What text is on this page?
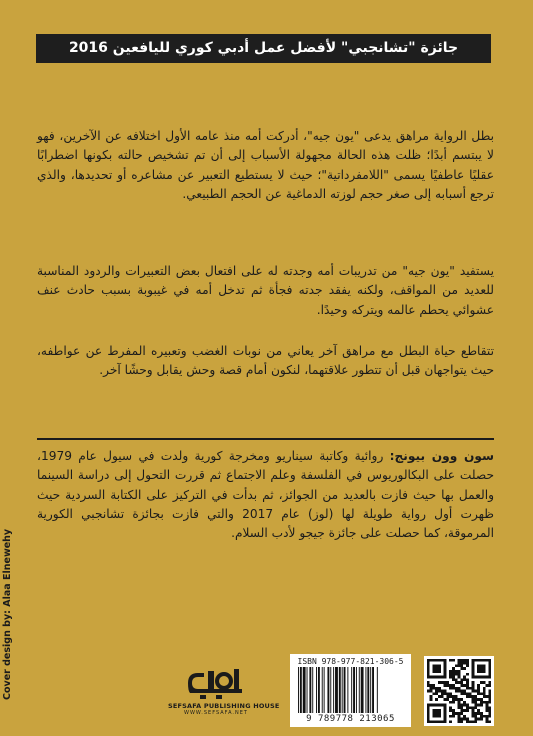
جائزة "تشانجبي" لأفضل عمل أدبي كوري لليافعين 2016
بطل الرواية مراهق يدعى "يون جيه"، أدركت أمه منذ عامه الأول اختلافه عن الآخرين، فهو لا يبتسم أبدًا؛ ظلت هذه الحالة مجهولة الأسباب إلى أن تم تشخيص حالته بكونها اضطرابًا عقليًا عاطفيًا يسمى "اللامفرداتية"؛ حيث لا يستطيع التعبير عن مشاعره أو تحديدها، والذي ترجع أسبابه إلى صغر حجم لوزته الدماغية عن الحجم الطبيعي.
يستفيد "يون جيه" من تدريبات أمه وجدته له على افتعال بعض التعبيرات والردود المناسبة للعديد من المواقف، ولكنه يفقد جدته فجأة ثم تدخل أمه في غيبوبة بسبب حادث عنف عشوائي يحطم عالمه ويتركه وحيدًا.
تتقاطع حياة البطل مع مراهق آخر يعاني من نوبات الغضب وتعبيره المفرط عن عواطفه، حيث يتواجهان قبل أن تتطور علاقتهما، لنكون أمام قصة وحش يقابل وحشًا آخر.
سون وون بيونج: روائية وكاتبة سيناريو ومخرجة كورية ولدت في سيول عام 1979، حصلت على البكالوريوس في الفلسفة وعلم الاجتماع ثم قررت التحول إلى دراسة السينما والعمل بها حيث فازت بالعديد من الجوائز، ثم بدأت في التركيز على الكتابة السردية حيث ظهرت أول رواية طويلة لها (لوز) عام 2017 والتي فازت بجائزة تشانجبي الكورية المرموقة، كما حصلت على جائزة جيجو لأدب السلام.
Cover design by: Alaa Elnewehy
SEFSAFA PUBLISHING HOUSE
WWW.SEFSAFA.NET
ISBN 978-977-821-306-5
9 789778 213065
